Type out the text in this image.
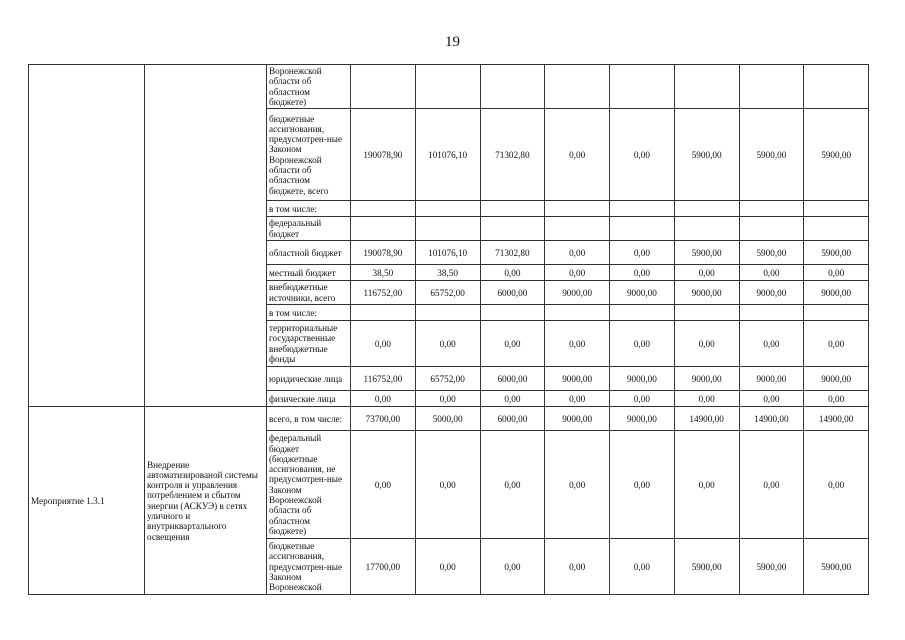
19
		Воронежской области об областном бюджете)								
		бюджетные ассигнования, предусмотрен-ные Законом Воронежской области об областном бюджете, всего	190078,90	101076,10	71302,80	0,00	0,00	5900,00	5900,00	5900,00
		в том числе:								
		федеральный бюджет								
		областной бюджет	190078,90	101076,10	71302,80	0,00	0,00	5900,00	5900,00	5900,00
		местный бюджет	38,50	38,50	0,00	0,00	0,00	0,00	0,00	0,00
		внебюджетные источники, всего	116752,00	65752,00	6000,00	9000,00	9000,00	9000,00	9000,00	9000,00
		в том числе:								
		территориальные государственные внебюджетные фонды	0,00	0,00	0,00	0,00	0,00	0,00	0,00	0,00
		юридические лица	116752,00	65752,00	6000,00	9000,00	9000,00	9000,00	9000,00	9000,00
		физические лица	0,00	0,00	0,00	0,00	0,00	0,00	0,00	0,00
Мероприятие 1.3.1	Внедрение автоматизированой системы контроля и управления потреблением и сбытом энергии (АСКУЭ) в сетях уличного и внутриквартального освещения	всего, в том числе:	73700,00	5000,00	6000,00	9000,00	9000,00	14900,00	14900,00	14900,00
		федеральный бюджет (бюджетные ассигнования, не предусмотрен-ные Законом Воронежской области об областном бюджете)	0,00	0,00	0,00	0,00	0,00	0,00	0,00	0,00
		бюджетные ассигнования, предусмотрен-ные Законом Воронежской	17700,00	0,00	0,00	0,00	0,00	5900,00	5900,00	5900,00
